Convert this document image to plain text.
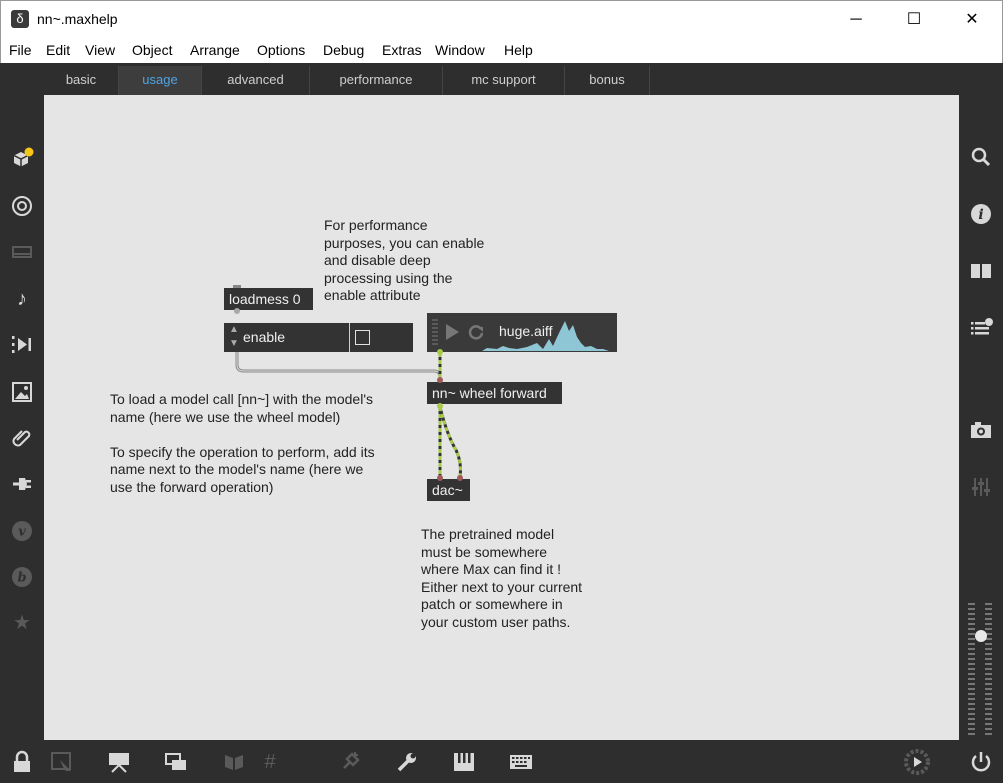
δ nn~.maxhelp	─	☐	✕
File Edit View Object Arrange Options Debug Extras Window Help
♪
v
b
★
basic	usage	advanced	performance	mc support	bonus
i
For performance
purposes, you can enable
and disable deep
processing using the
enable attribute
To load a model call [nn~] with the model's
name (here we use the wheel model)

To specify the operation to perform, add its
name next to the model's name (here we
use the forward operation)
The pretrained model
must be somewhere
where Max can find it !
Either next to your current
patch or somewhere in
your custom user paths.
loadmess 0
▲
▼ enable	huge.aiff
nn~ wheel forward
dac~
#
